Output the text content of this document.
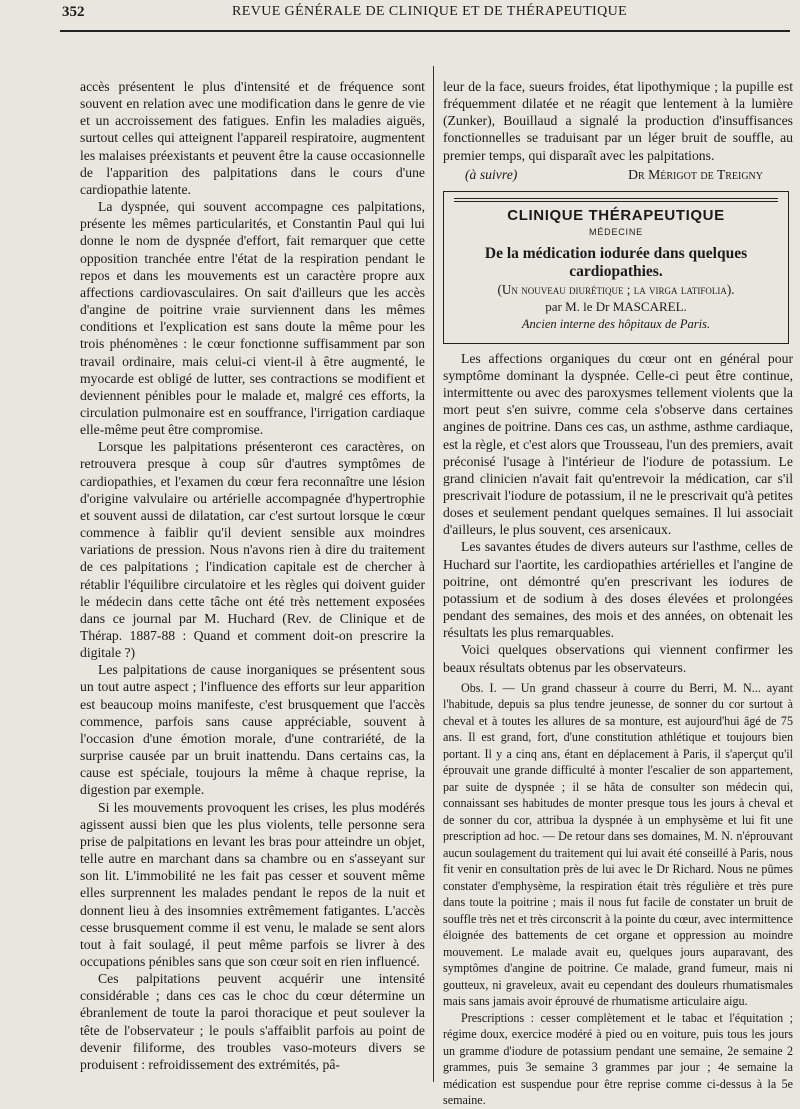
352	REVUE GÉNÉRALE DE CLINIQUE ET DE THÉRAPEUTIQUE

accès présentent le plus d'intensité et de fréquence sont souvent en relation avec une modification dans le genre de vie et un accroissement des fatigues. Enfin les maladies aiguës, surtout celles qui atteignent l'appareil respiratoire, augmentent les malaises préexistants et peuvent être la cause occasionnelle de l'apparition des palpitations dans le cours d'une cardiopathie latente.

La dyspnée, qui souvent accompagne ces palpitations, présente les mêmes particularités, et Constantin Paul qui lui donne le nom de dyspnée d'effort, fait remarquer que cette opposition tranchée entre l'état de la respiration pendant le repos et dans les mouvements est un caractère propre aux affections cardiovasculaires. On sait d'ailleurs que les accès d'angine de poitrine vraie surviennent dans les mêmes conditions et l'explication est sans doute la même pour les trois phénomènes : le cœur fonctionne suffisamment par son travail ordinaire, mais celui-ci vient-il à être augmenté, le myocarde est obligé de lutter, ses contractions se modifient et deviennent pénibles pour le malade et, malgré ces efforts, la circulation pulmonaire est en souffrance, l'irrigation cardiaque elle-même peut être compromise.

Lorsque les palpitations présenteront ces caractères, on retrouvera presque à coup sûr d'autres symptômes de cardiopathies, et l'examen du cœur fera reconnaître une lésion d'origine valvulaire ou artérielle accompagnée d'hypertrophie et souvent aussi de dilatation, car c'est surtout lorsque le cœur commence à faiblir qu'il devient sensible aux moindres variations de pression. Nous n'avons rien à dire du traitement de ces palpitations ; l'indication capitale est de chercher à rétablir l'équilibre circulatoire et les règles qui doivent guider le médecin dans cette tâche ont été très nettement exposées dans ce journal par M. Huchard (Rev. de Clinique et de Thérap. 1887-88 : Quand et comment doit-on prescrire la digitale ?)

Les palpitations de cause inorganiques se présentent sous un tout autre aspect ; l'influence des efforts sur leur apparition est beaucoup moins manifeste, c'est brusquement que l'accès commence, parfois sans cause appréciable, souvent à l'occasion d'une émotion morale, d'une contrariété, de la surprise causée par un bruit inattendu. Dans certains cas, la cause est spéciale, toujours la même à chaque reprise, la digestion par exemple.

Si les mouvements provoquent les crises, les plus modérés agissent aussi bien que les plus violents, telle personne sera prise de palpitations en levant les bras pour atteindre un objet, telle autre en marchant dans sa chambre ou en s'asseyant sur son lit. L'immobilité ne les fait pas cesser et souvent même elles surprennent les malades pendant le repos de la nuit et donnent lieu à des insomnies extrêmement fatigantes. L'accès cesse brusquement comme il est venu, le malade se sent alors tout à fait soulagé, il peut même parfois se livrer à des occupations pénibles sans que son cœur soit en rien influencé.

Ces palpitations peuvent acquérir une intensité considérable ; dans ces cas le choc du cœur détermine un ébranlement de toute la paroi thoracique et peut soulever la tête de l'observateur ; le pouls s'affaiblit parfois au point de devenir filiforme, des troubles vaso-moteurs divers se produisent : refroidissement des extrémités, pâ-

leur de la face, sueurs froides, état lipothymique ; la pupille est fréquemment dilatée et ne réagit que lentement à la lumière (Zunker), Bouillaud a signalé la production d'insuffisances fonctionnelles se traduisant par un léger bruit de souffle, au premier temps, qui disparaît avec les palpitations.

(à suivre)	Dr Mérigot de Treigny
CLINIQUE THÉRAPEUTIQUE
MÉDECINE
De la médication iodurée dans quelques cardiopathies.
(Un nouveau diurétique ; la virga latifolia).
par M. le Dr MASCAREL.
Ancien interne des hôpitaux de Paris.

Les affections organiques du cœur ont en général pour symptôme dominant la dyspnée. Celle-ci peut être continue, intermittente ou avec des paroxysmes tellement violents que la mort peut s'en suivre, comme cela s'observe dans certaines angines de poitrine. Dans ces cas, un asthme, asthme cardiaque, est la règle, et c'est alors que Trousseau, l'un des premiers, avait préconisé l'usage à l'intérieur de l'iodure de potassium. Le grand clinicien n'avait fait qu'entrevoir la médication, car s'il prescrivait l'iodure de potassium, il ne le prescrivait qu'à petites doses et seulement pendant quelques semaines. Il lui associait d'ailleurs, le plus souvent, ces arsenicaux.

Les savantes études de divers auteurs sur l'asthme, celles de Huchard sur l'aortite, les cardiopathies artérielles et l'angine de poitrine, ont démontré qu'en prescrivant les iodures de potassium et de sodium à des doses élevées et prolongées pendant des semaines, des mois et des années, on obtenait les résultats les plus remarquables.

Voici quelques observations qui viennent confirmer les beaux résultats obtenus par les observateurs.

Obs. I. — Un grand chasseur à courre du Berri, M. N... ayant l'habitude, depuis sa plus tendre jeunesse, de sonner du cor surtout à cheval et à toutes les allures de sa monture, est aujourd'hui âgé de 75 ans. Il est grand, fort, d'une constitution athlétique et toujours bien portant. Il y a cinq ans, étant en déplacement à Paris, il s'aperçut qu'il éprouvait une grande difficulté à monter l'escalier de son appartement, par suite de dyspnée ; il se hâta de consulter son médecin qui, connaissant ses habitudes de monter presque tous les jours à cheval et de sonner du cor, attribua la dyspnée à un emphysème et lui fit une prescription ad hoc. — De retour dans ses domaines, M. N. n'éprouvant aucun soulagement du traitement qui lui avait été conseillé à Paris, nous fit venir en consultation près de lui avec le Dr Richard. Nous ne pûmes constater d'emphysème, la respiration était très régulière et très pure dans toute la poitrine ; mais il nous fut facile de constater un bruit de souffle très net et très circonscrit à la pointe du cœur, avec intermittence éloignée des battements de cet organe et oppression au moindre mouvement. Le malade avait eu, quelques jours auparavant, des symptômes d'angine de poitrine. Ce malade, grand fumeur, mais ni goutteux, ni graveleux, avait eu cependant des douleurs rhumatismales mais sans jamais avoir éprouvé de rhumatisme articulaire aigu.

Prescriptions : cesser complètement et le tabac et l'équitation ; régime doux, exercice modéré à pied ou en voiture, puis tous les jours un gramme d'iodure de potassium pendant une semaine, 2e semaine 2 grammes, puis 3e semaine 3 grammes par jour ; 4e semaine la médication est suspendue pour être reprise comme ci-dessus à la 5e semaine.
